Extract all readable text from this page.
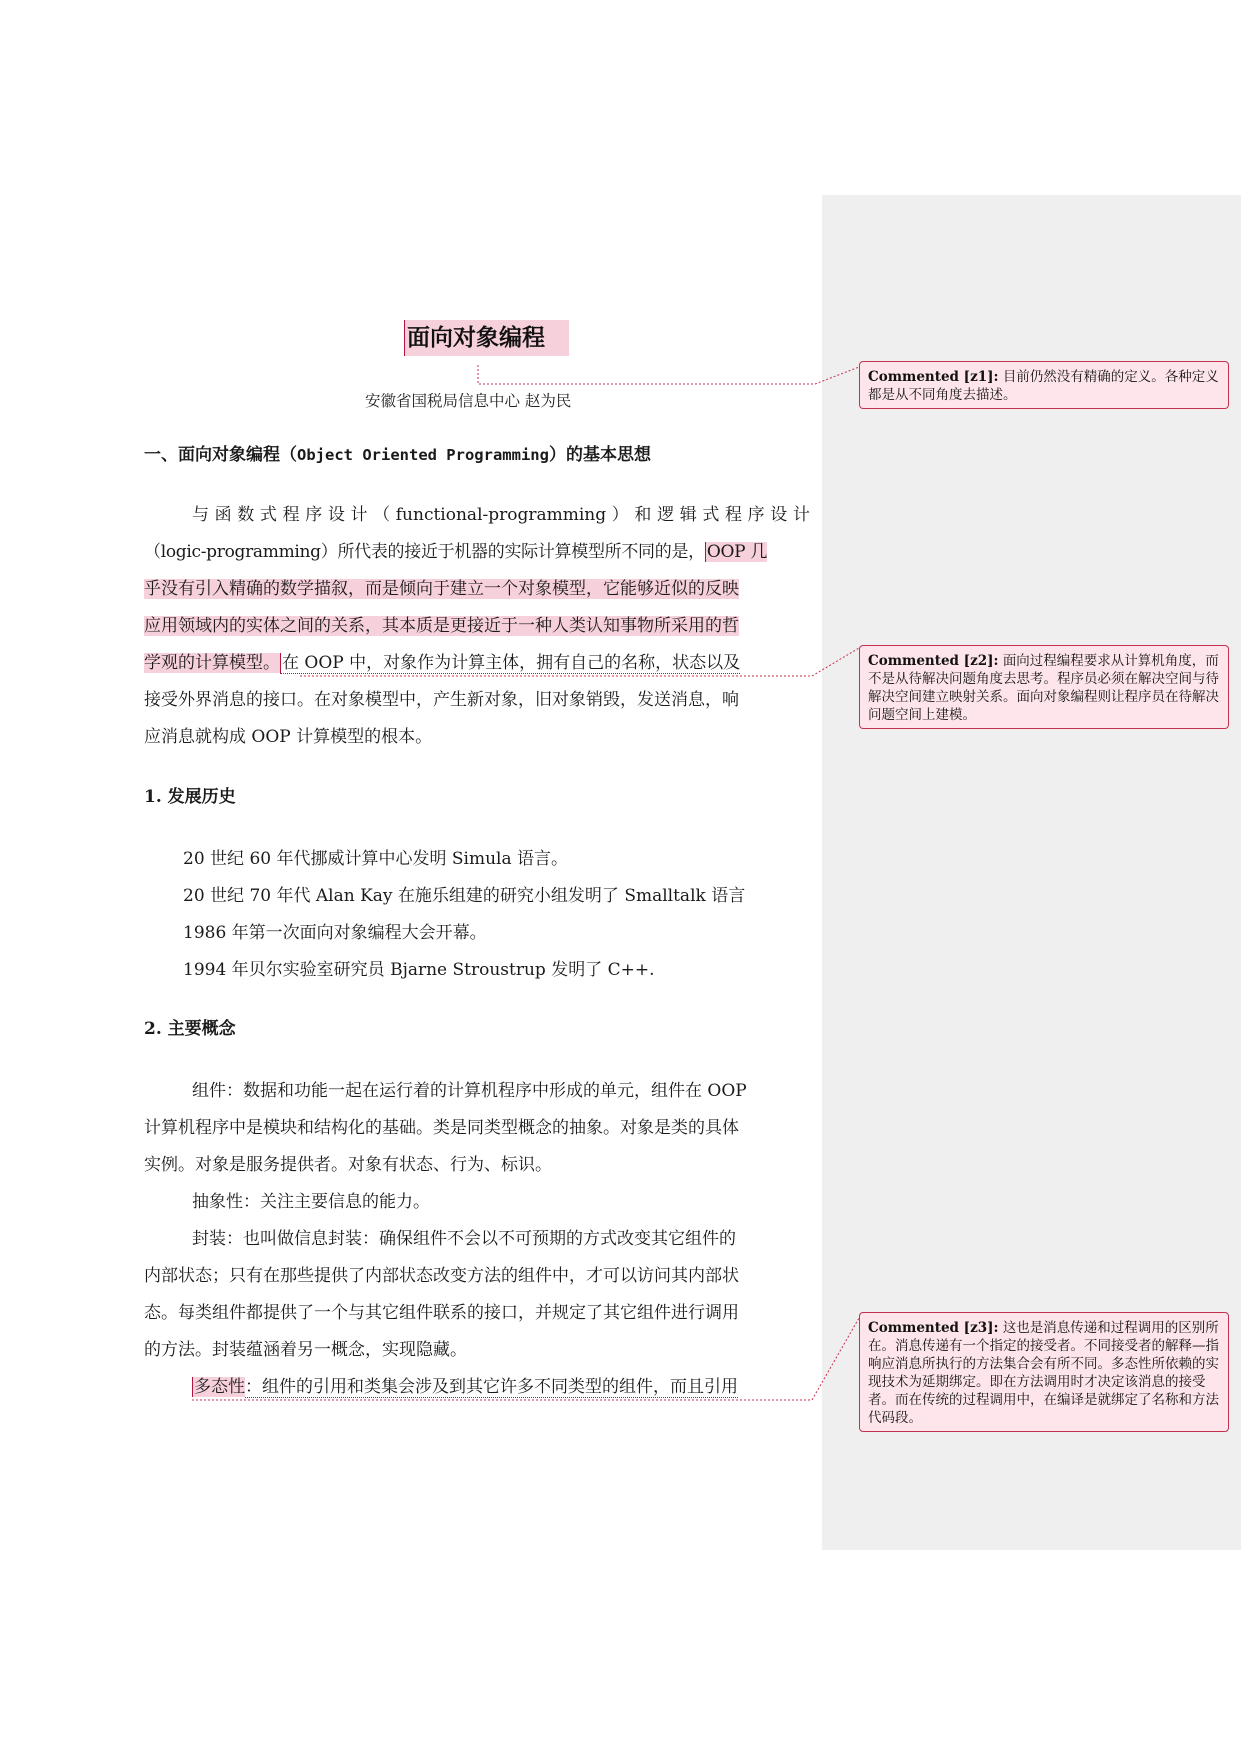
面向对象编程
安徽省国税局信息中心 赵为民
一、面向对象编程（Object Oriented Programming）的基本思想
与 函 数 式 程 序 设 计 （ functional-programming ） 和 逻 辑 式 程 序 设 计
（logic-programming）所代表的接近于机器的实际计算模型所不同的是， OOP 几
乎没有引入精确的数学描叙，而是倾向于建立一个对象模型，它能够近似的反映
应用领域内的实体之间的关系，其本质是更接近于一种人类认知事物所采用的哲
学观的计算模型。 在 OOP 中，对象作为计算主体，拥有自己的名称，状态以及
接受外界消息的接口。在对象模型中，产生新对象，旧对象销毁，发送消息，响
应消息就构成 OOP 计算模型的根本。
1. 发展历史
20 世纪 60 年代挪威计算中心发明 Simula 语言。
20 世纪 70 年代 Alan Kay 在施乐组建的研究小组发明了 Smalltalk 语言
1986 年第一次面向对象编程大会开幕。
1994 年贝尔实验室研究员 Bjarne Stroustrup 发明了 C++.
2. 主要概念
组件：数据和功能一起在运行着的计算机程序中形成的单元，组件在 OOP
计算机程序中是模块和结构化的基础。类是同类型概念的抽象。对象是类的具体
实例。对象是服务提供者。对象有状态、行为、标识。
抽象性：关注主要信息的能力。
封装：也叫做信息封装：确保组件不会以不可预期的方式改变其它组件的
内部状态；只有在那些提供了内部状态改变方法的组件中，才可以访问其内部状
态。每类组件都提供了一个与其它组件联系的接口，并规定了其它组件进行调用
的方法。封装蕴涵着另一概念，实现隐藏。
多态性：组件的引用和类集会涉及到其它许多不同类型的组件，而且引用
Commented [z1]: 目前仍然没有精确的定义。各种定义都是从不同角度去描述。
Commented [z2]: 面向过程编程要求从计算机角度，而不是从待解决问题角度去思考。程序员必须在解决空间与待解决空间建立映射关系。面向对象编程则让程序员在待解决问题空间上建模。
Commented [z3]: 这也是消息传递和过程调用的区别所在。消息传递有一个指定的接受者。不同接受者的解释—指响应消息所执行的方法集合会有所不同。多态性所依赖的实现技术为延期绑定。即在方法调用时才决定该消息的接受者。而在传统的过程调用中，在编译是就绑定了名称和方法代码段。
